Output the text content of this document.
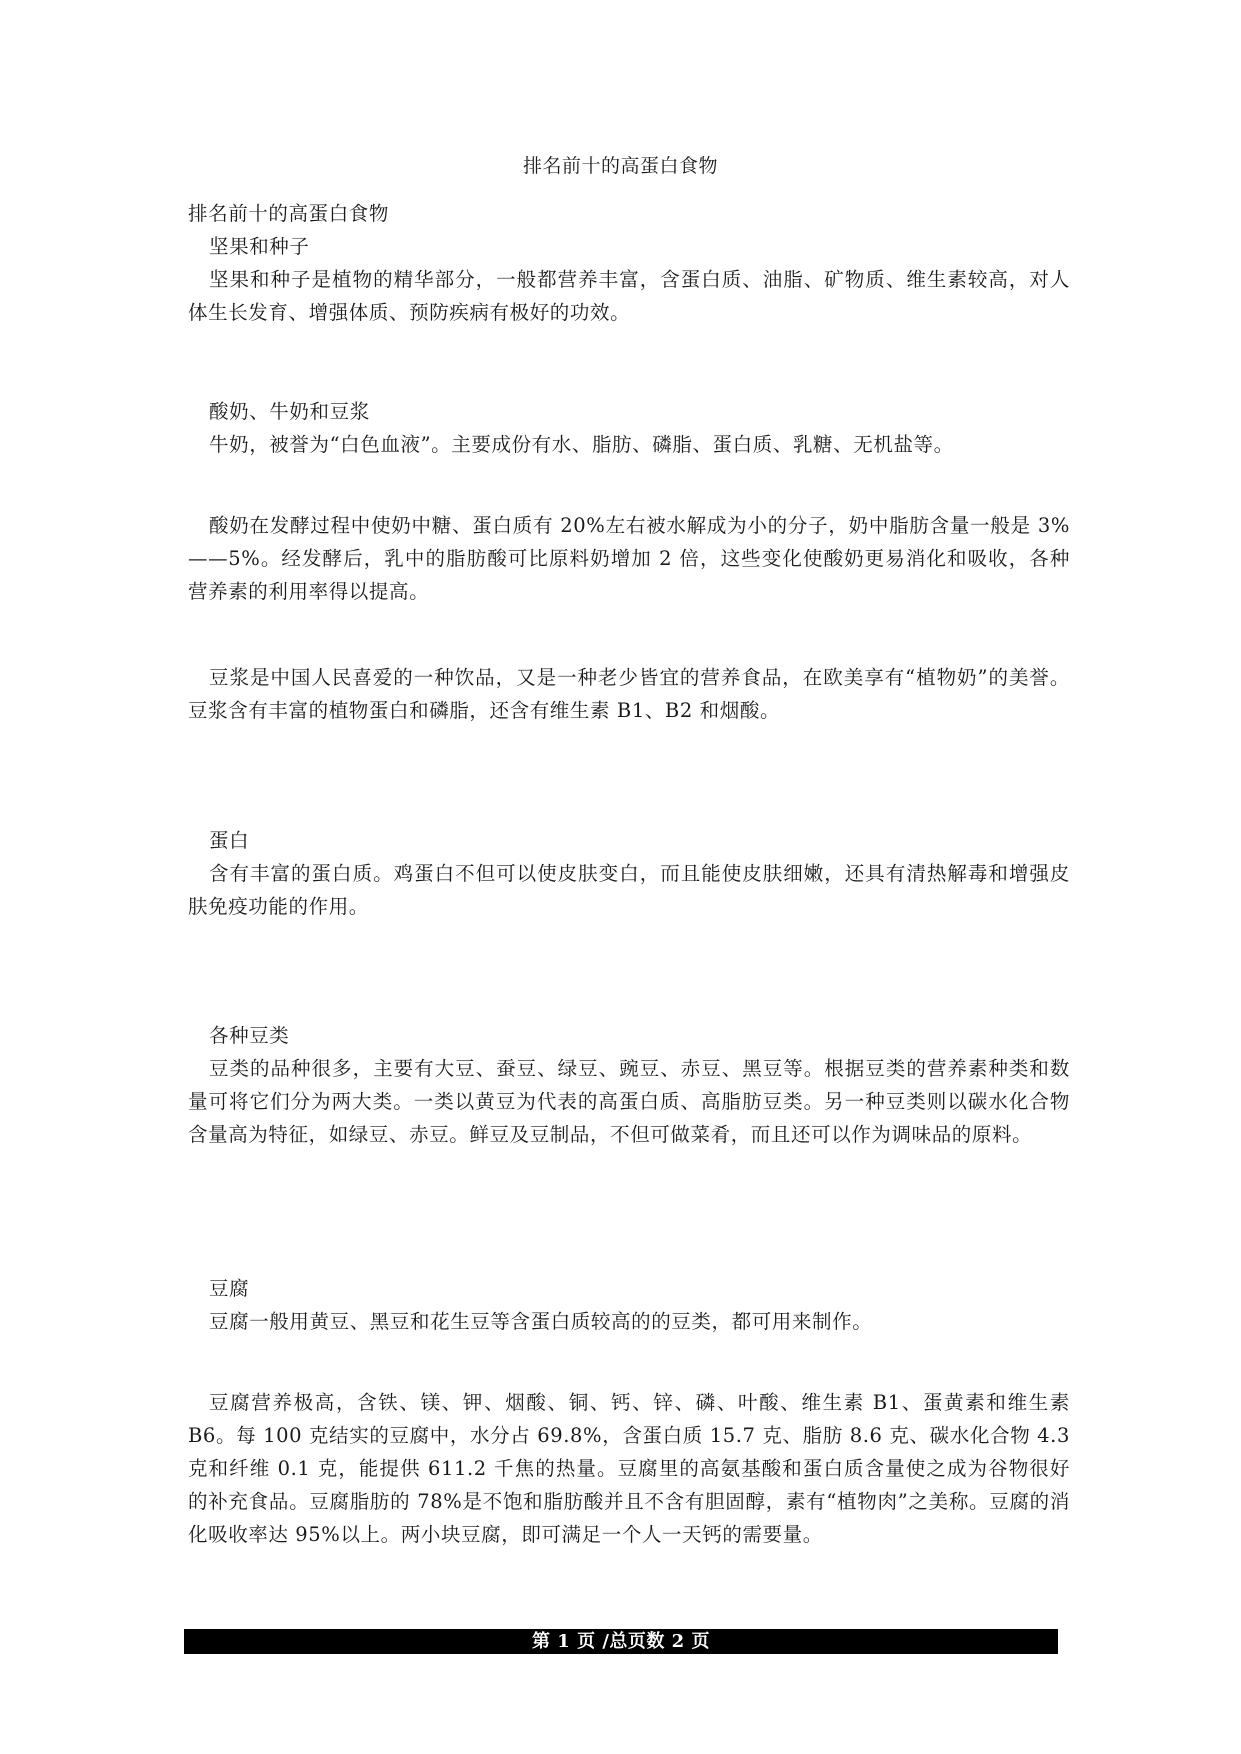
排名前十的高蛋白食物

排名前十的高蛋白食物

坚果和种子

坚果和种子是植物的精华部分，一般都营养丰富，含蛋白质、油脂、矿物质、维生素较高，对人体生长发育、增强体质、预防疾病有极好的功效。

酸奶、牛奶和豆浆

牛奶，被誉为“白色血液”。主要成份有水、脂肪、磷脂、蛋白质、乳糖、无机盐等。

酸奶在发酵过程中使奶中糖、蛋白质有 20%左右被水解成为小的分子，奶中脂肪含量一般是 3%——5%。经发酵后，乳中的脂肪酸可比原料奶增加 2 倍，这些变化使酸奶更易消化和吸收，各种营养素的利用率得以提高。

豆浆是中国人民喜爱的一种饮品，又是一种老少皆宜的营养食品，在欧美享有“植物奶”的美誉。豆浆含有丰富的植物蛋白和磷脂，还含有维生素 B1、B2 和烟酸。

蛋白

含有丰富的蛋白质。鸡蛋白不但可以使皮肤变白，而且能使皮肤细嫩，还具有清热解毒和增强皮肤免疫功能的作用。

各种豆类

豆类的品种很多，主要有大豆、蚕豆、绿豆、豌豆、赤豆、黑豆等。根据豆类的营养素种类和数量可将它们分为两大类。一类以黄豆为代表的高蛋白质、高脂肪豆类。另一种豆类则以碳水化合物含量高为特征，如绿豆、赤豆。鲜豆及豆制品，不但可做菜肴，而且还可以作为调味品的原料。

豆腐

豆腐一般用黄豆、黑豆和花生豆等含蛋白质较高的的豆类，都可用来制作。

豆腐营养极高，含铁、镁、钾、烟酸、铜、钙、锌、磷、叶酸、维生素 B1、蛋黄素和维生素 B6。每 100 克结实的豆腐中，水分占 69.8%，含蛋白质 15.7 克、脂肪 8.6 克、碳水化合物 4.3 克和纤维 0.1 克，能提供 611.2 千焦的热量。豆腐里的高氨基酸和蛋白质含量使之成为谷物很好的补充食品。豆腐脂肪的 78%是不饱和脂肪酸并且不含有胆固醇，素有“植物肉”之美称。豆腐的消化吸收率达 95%以上。两小块豆腐，即可满足一个人一天钙的需要量。

第 1 页 /总页数 2 页
